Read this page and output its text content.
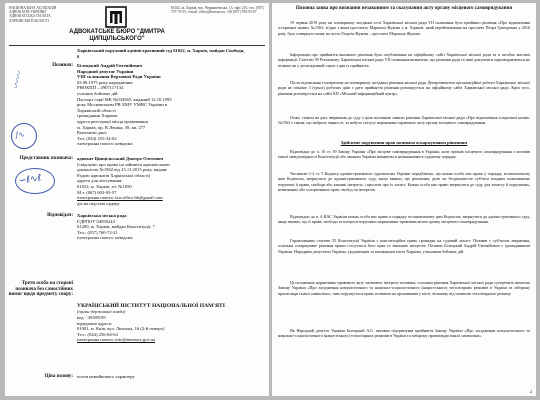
НАЦІОНАЛЬНА АСОЦІАЦІЯ АДВОКАТІВ УКРАЇНИ АДВОКАТСЬКА ПАЛАТА ХАРКІВСЬКОЇ ОБЛАСТІ
АДВОКАТСЬКЕ БЮРО "ДМИТРА ЦИПЦІЛЬСЬКОГО"
61022, м. Харків, вул. Чернишевська, 13, офіс 215, тел. (057) 707-75-55, e-mail: office@bureau.ua, +38 (057) 700-03-07
Харківський окружний адміністративний суд 61022, м. Харків, майдан Свободи, 6
Позивач: Білецький Андрій Євгенійович
Народний депутат України
VIII скликання Верховної Ради України
03.08.1975 року народження
РНОКПП – 2907117134
учасник бойових дій
Паспорт серії МК №034565, виданий 12.10.1995
року Московським РВ ХМУ УМВС України в
Харківській області
громадянин Харкова
адреса реєстрації місця проживання
м. Харків, пр. В.Леніна, 39, кв. 277
Контактні дані:
Тел: (044) 255-34-02
електронна пошта: невідома
Представник позивача: адвокат Ципцільський Дмитро Олегович
(свідоцтво про право на зайняття адвокатською
діяльністю №1962 від 23.11.2015 року, видане
Радою адвокатів Харківської області)
адреса для листування:
61022, м. Харків, а/с №1050
М.т. (067) 603-03-57
електронна пошта: law.office.hb@gmail.com
діє на підставі ордеру
Відповідач: Харківська міська рада
ЄДРПОУ 04059243
61200, м. Харків, майдан Конституції, 7
Тел.: (057) 760-72-21
електронна пошта: невідома
Третя особа на стороні позивача без самостійних вимог щодо предмету спору:
УКРАЇНСЬКИЙ ІНСТИТУТ НАЦІОНАЛЬНОЇ ПАМ'ЯТІ
(орган державної влади)
код - 39189195
юридична адреса:
01001, м. Київ, вул. Липська, 16 (2-й поверх)
Тел.: (044) 256-04-64
електронна пошта: info@memory.gov.ua
Ціна позову: позов немайнового характеру
〰〰
∫∿
∽ℓ∿ℓ
Позовна заява про визнання незаконним та скасування акту органу місцевого самоврядування
19 червня 2019 року на пленарному засіданні сесії Харківської міської ради VII скликання було прийнято рішення «Про відновлення історичної назви» №1563, згідно з яким проспекту Маршала Жукова у м. Харкові, який перейменовано на проспект Петра Григоренка у 2016 році, було повернуто назву на честь Георгія Жукова – проспект Маршала Жукова.
Інформація про прийняття вказаного рішення була опублікована на офіційному сайті Харківської міської ради та в засобах масової інформації. Статтею 59 Регламенту Харківської міської ради VII скликання визначено, що рішення ради та інші документи оприлюднюються не пізніше як у десятиденний строк з дня їх прийняття.
Після підписання головуючим на пленарному засіданні рішення міської ради Департаментом організаційної роботи Харківської міської ради не пізніше 3 (трьох) робочих днів з дати прийняття рішення розміщується на офіційному сайті Харківської міської ради. Крім того, рішення розміщується на сайті КП «Міський інформаційний центр».
Отже, станом на дату звернення до суду з цією позовною заявою рішення Харківської міської ради «Про відновлення історичної назви» №1563 є таким, що набрало чинності, та набуло статусу нормативно-правового акту органу місцевого самоврядування.
Здійснене порушення прав позивача оскаржуваним рішенням
Відповідно до ч. 10 ст. 59 Закону України «Про місцеве самоврядування в Україні» акти органів місцевого самоврядування з мотивів їхньої невідповідності Конституції або законам України визнаються незаконними в судовому порядку.
Частиною 1-2 ст. 5 Кодексу адміністративного судочинства України передбачено, що кожна особа має право у порядку, встановленому цим Кодексом, звернутися до адміністративного суду, якщо вважає, що рішенням, дією чи бездіяльністю суб'єкта владних повноважень порушені її права, свободи або законні інтереси, і просити про їх захист. Кожна особа має право звернутися до суду для захисту її порушених, невизнаних або оспорюваних прав, свобод чи інтересів.
Відповідно до п. 6 КАС України кожна особа має право в порядку, встановленому цим Кодексом, звернутися до адміністративного суду, якщо вважає, що її права, свободи та інтереси порушено нормативно-правовим актом органу місцевого самоврядування.
Гарантованим статтею 55 Конституції України є конституційне право громадян на судовий захист. Позивач є суб'єктом звернення, оскільки оскаржуване рішення прямо стосується його прав та законних інтересів. Позивач Білецький Андрій Євгенійович є громадянином України, Народним депутатом України, уродженцем та мешканцем міста Харкова, учасником бойових дій.
Ці положення нормативно-правового акту зачіпають інтереси позивача, оскільки рішення Харківської міської ради суперечить вимогам Закону України «Про засудження комуністичного та націонал-соціалістичного (нацистського) тоталітарних режимів в Україні та заборону пропаганди їхньої символіки», чим порушується право позивача на проживання у місті, вільному від символів тоталітарного режиму.
Як Народний депутат України Білецький А.Є. активно підтримував прийняття Закону України «Про засудження комуністичного та націонал-соціалістичного (нацистського) тоталітарних режимів в Україні та заборону пропаганди їхньої символіки».
2
